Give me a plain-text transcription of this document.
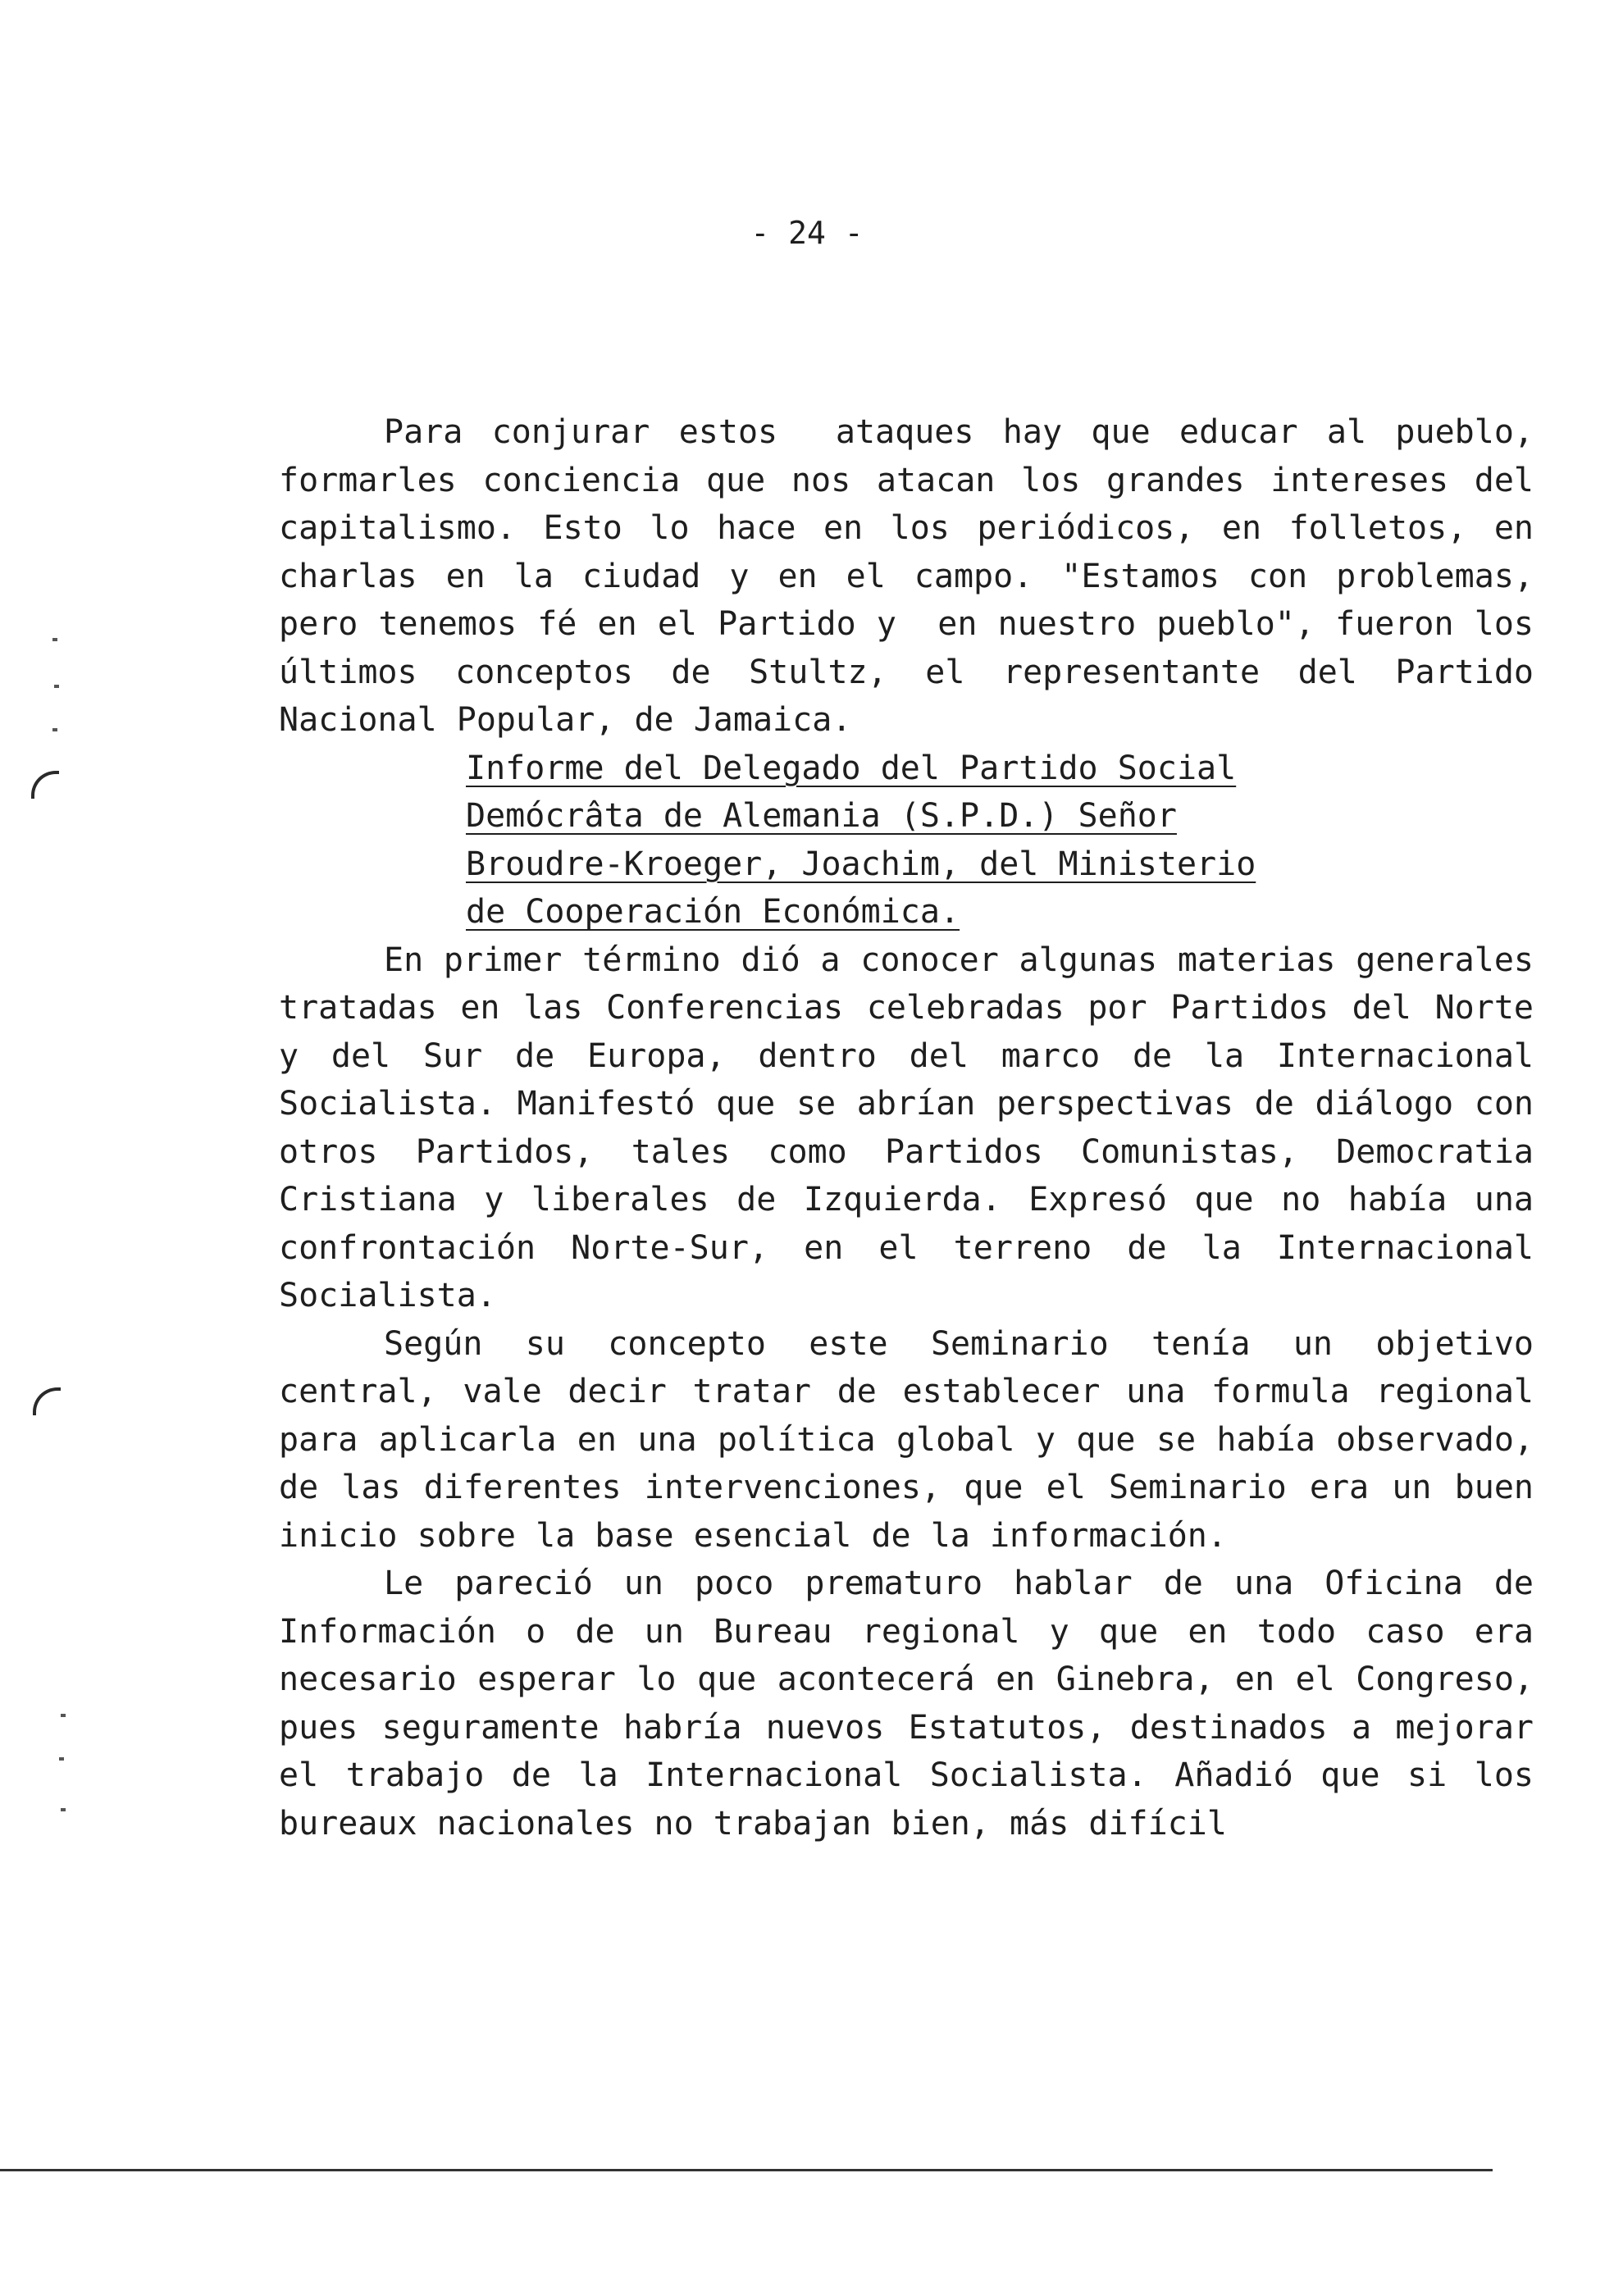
- 24 -

Para conjurar estos  ataques hay que educar al pueblo, formarles conciencia que nos atacan los grandes intereses del capitalismo. Esto lo hace en los periódicos, en folletos, en charlas en la ciudad y en el campo. "Estamos con problemas, pero tenemos fé en el Partido y  en nuestro pueblo", fueron los últimos conceptos de Stultz, el representante del Partido Nacional Popular, de Jamaica.

Informe del Delegado del Partido Social
Demócrâta de Alemania (S.P.D.) Señor
Broudre-Kroeger, Joachim, del Ministerio
de Cooperación Económica.

En primer término dió a conocer algunas materias generales tratadas en las Conferencias celebradas por Partidos del Norte y del Sur de Europa, dentro del marco de la Internacional Socialista. Manifestó que se abrían perspectivas de diálogo con otros Partidos, tales como Partidos Comunistas, Democratia Cristiana y liberales de Izquierda. Expresó que no había una confrontación Norte-Sur, en el terreno de la Internacional Socialista.

Según su concepto este Seminario tenía un objetivo central, vale decir tratar de establecer una formula regional para aplicarla en una política global y que se había observado, de las diferentes intervenciones, que el Seminario era un buen inicio sobre la base esencial de la información.

Le pareció un poco prematuro hablar de una Oficina de Información o de un Bureau regional y que en todo caso era necesario esperar lo que acontecerá en Ginebra, en el Congreso, pues seguramente habría nuevos Estatutos, destinados a mejorar el trabajo de la Internacional Socialista. Añadió que si los bureaux nacionales no trabajan bien, más difícil
